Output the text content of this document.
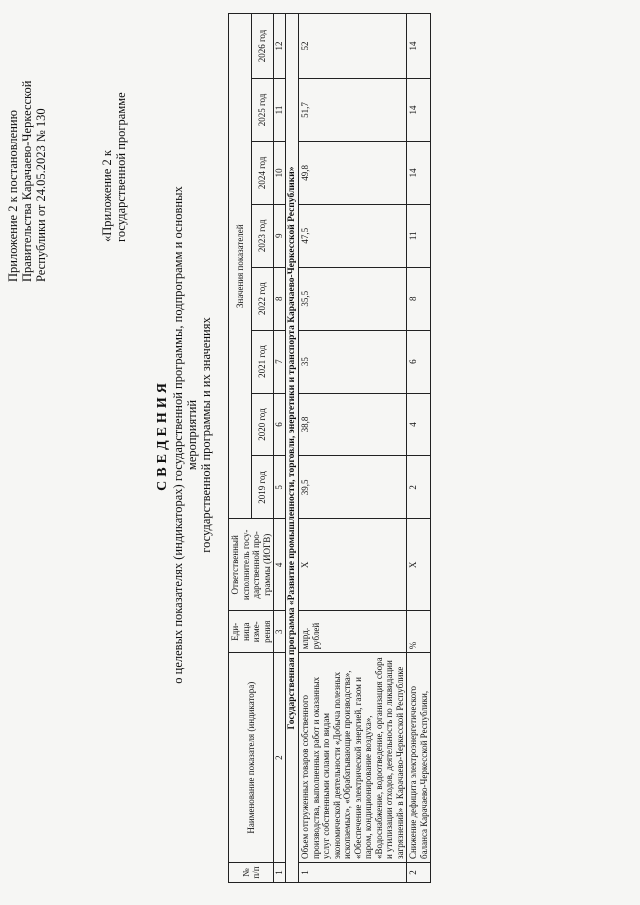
Приложение 2 к постановлению Правительства Карачаево-Черкесской Республики от 24.05.2023 № 130	«Приложение 2 к государственной программе
СВЕДЕНИЯ о целевых показателях (индикаторах) государственной программы, подпрограмм и основных мероприятий государственной программы и их значениях
№ п/п	Наименование показателя (индикатора)	Еди- ница изме- рения	Ответственный исполнитель госу- дарственной про- граммы (ИОГВ)	Значения показателей							
				2019 год	2020 год	2021 год	2022 год	2023 год	2024 год	2025 год	2026 год
1	2	3	4	5	6	7	8	9	10	11	12
Государственная программа «Развитие промышленности, торговли, энергетики и транспорта Карачаево-Черкесской Республики»											
1	Объем отгруженных товаров собственного производства, выполненных работ и оказанных услуг собственными силами по видам экономической деятельности «Добыча полезных ископаемых», «Обрабатывающие производства», «Обеспечение электрической энергией, газом и паром, кондиционирование воздуха», «Водоснабжение, водоотведение, организация сбора и утилизации отходов, деятельность по ликвидации загрязнений» в Карачаево-Черкесской Республике	млрд. рублей	X	39,5	38,8	35	35,5	47,5	49,8	51,7	52
2	Снижение дефицита электроэнергетического баланса Карачаево-Черкесской Республики,	%	X	2	4	6	8	11	14	14	14
